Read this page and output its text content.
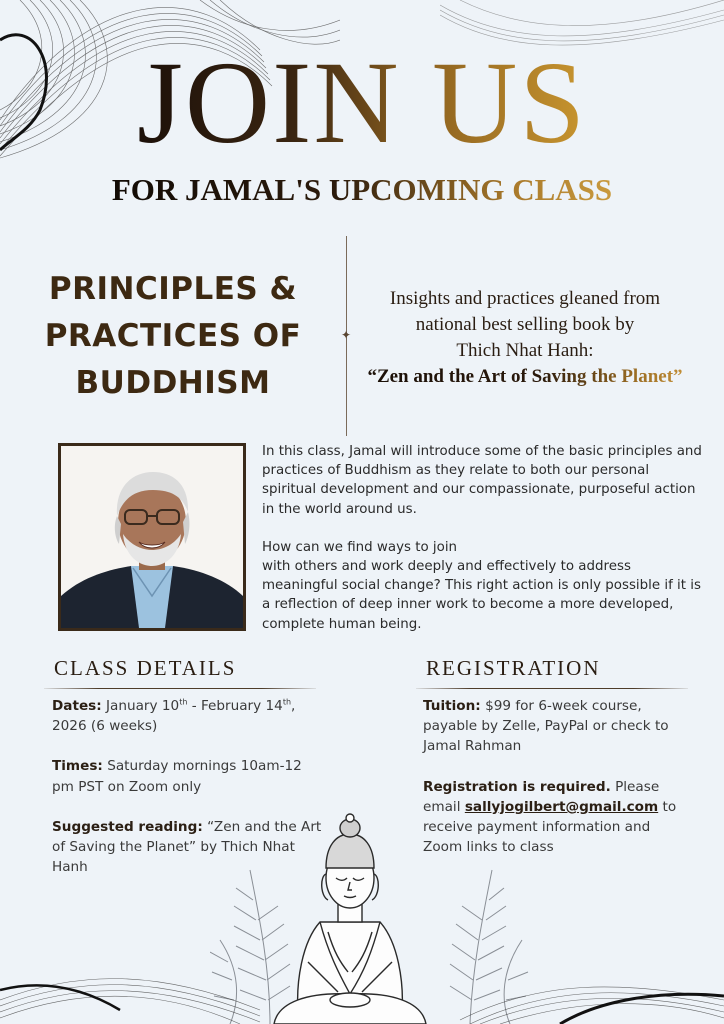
JOIN US
FOR JAMAL'S UPCOMING CLASS
PRINCIPLES &
PRACTICES OF
BUDDHISM
✦
Insights and practices gleaned from
national best selling book by
Thich Nhat Hanh:
“Zen and the Art of Saving the Planet”

In this class, Jamal will introduce some of the basic principles and practices of Buddhism as they relate to both our personal spiritual development and our compassionate, purposeful action in the world around us.

How can we find ways to join
with others and work deeply and effectively to address meaningful social change? This right action is only possible if it is a reflection of deep inner work to become a more developed, complete human being.

CLASS DETAILS	REGISTRATION

Dates: January 10th - February 14th, 2026 (6 weeks)

Times: Saturday mornings 10am-12 pm PST on Zoom only

Suggested reading: “Zen and the Art of Saving the Planet” by Thich Nhat Hanh

Tuition: $99 for 6-week course, payable by Zelle, PayPal or check to Jamal Rahman

Registration is required. Please email sallyjogilbert@gmail.com to receive payment information and Zoom links to class
